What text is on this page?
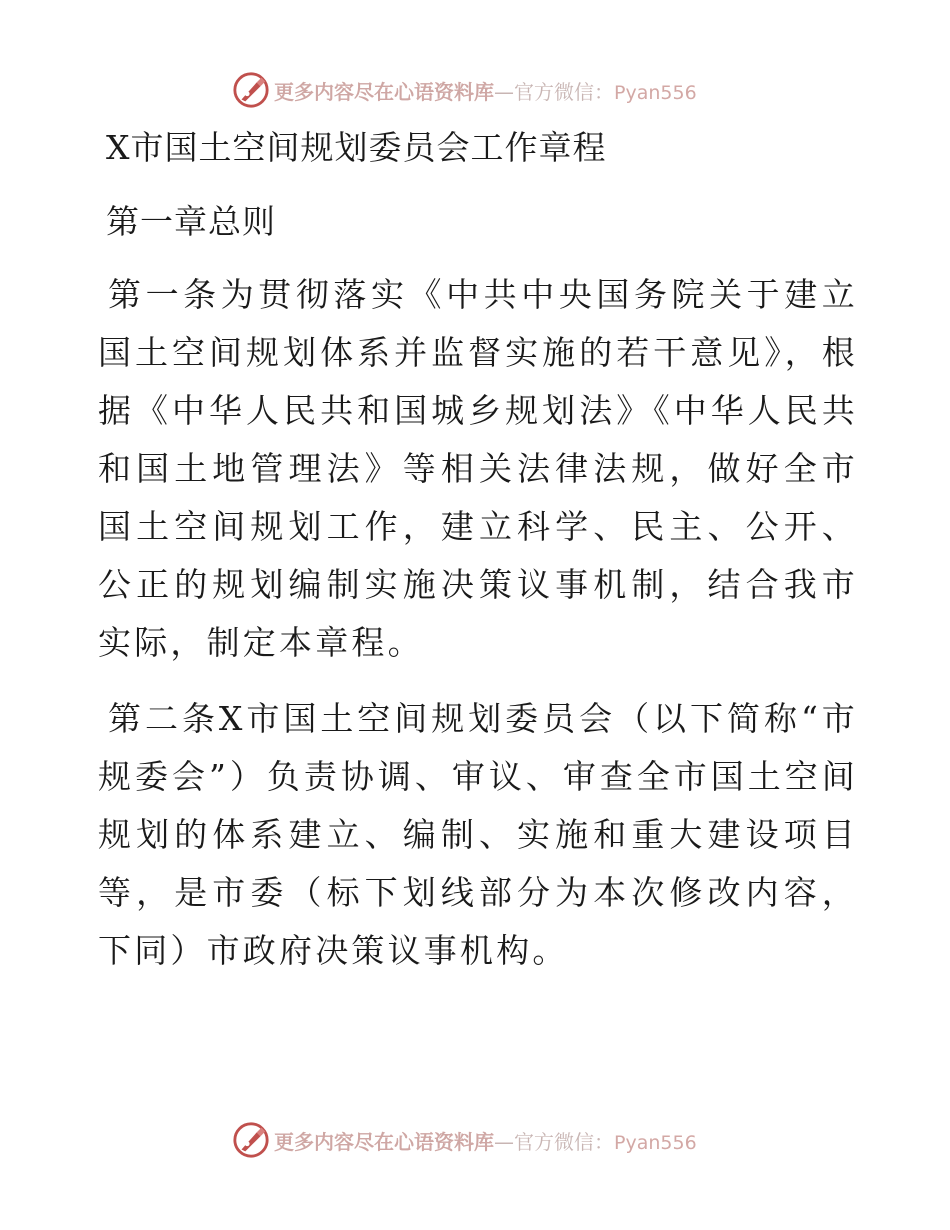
更多内容尽在心语资料库—官方微信：Pyan556
X市国土空间规划委员会工作章程
第一章总则

第一条为贯彻落实《中共中央国务院关于建立国土空间规划体系并监督实施的若干意见》，根据《中华人民共和国城乡规划法》《中华人民共和国土地管理法》等相关法律法规，做好全市国土空间规划工作，建立科学、民主、公开、公正的规划编制实施决策议事机制，结合我市实际，制定本章程。

第二条X市国土空间规划委员会（以下简称“市规委会”）负责协调、审议、审查全市国土空间规划的体系建立、编制、实施和重大建设项目等，是市委（标下划线部分为本次修改内容，下同）市政府决策议事机构。

更多内容尽在心语资料库—官方微信：Pyan556
